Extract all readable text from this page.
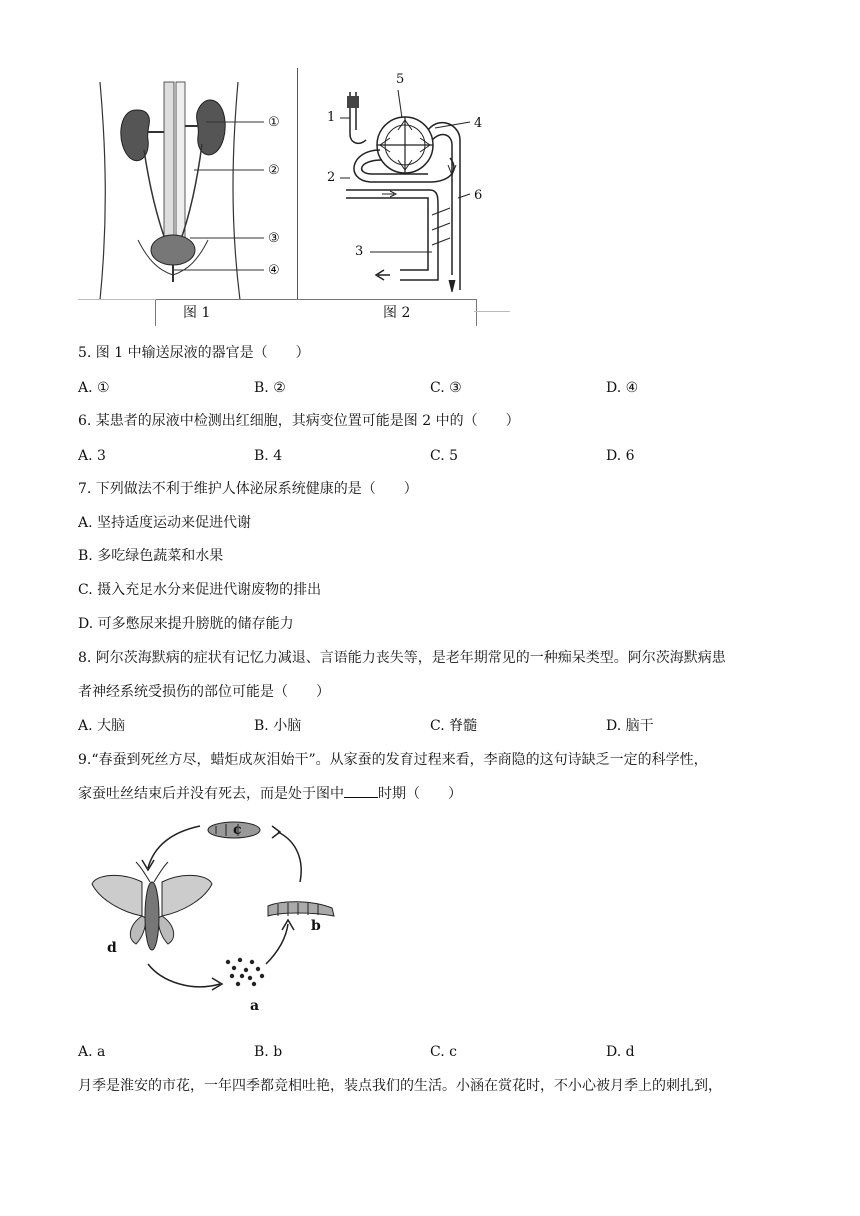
①
②
③
④
图 1	图 2
1
2
3
4
5
6
5. 图 1 中输送尿液的器官是（　　）
A. ①	B. ②	C. ③	D. ④
6. 某患者的尿液中检测出红细胞，其病变位置可能是图 2 中的（　　）
A. 3	B. 4	C. 5	D. 6
7. 下列做法不利于维护人体泌尿系统健康的是（　　）
A. 坚持适度运动来促进代谢
B. 多吃绿色蔬菜和水果
C. 摄入充足水分来促进代谢废物的排出
D. 可多憋尿来提升膀胱的储存能力
8. 阿尔茨海默病的症状有记忆力减退、言语能力丧失等，是老年期常见的一种痴呆类型。阿尔茨海默病患
者神经系统受损伤的部位可能是（　　）
A. 大脑	B. 小脑	C. 脊髓	D. 脑干
9.“春蚕到死丝方尽，蜡炬成灰泪始干”。从家蚕的发育过程来看，李商隐的这句诗缺乏一定的科学性，
家蚕吐丝结束后并没有死去，而是处于图中 时期（　　）
c
b
d
a
A. a	B. b	C. c	D. d
月季是淮安的市花，一年四季都竞相吐艳，装点我们的生活。小涵在赏花时，不小心被月季上的刺扎到，
